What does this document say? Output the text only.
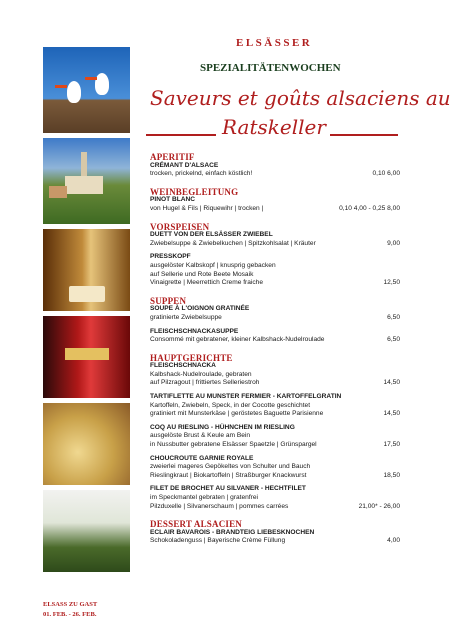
ELSÄSSER
SPEZIALITÄTENWOCHEN
Saveurs et goûts alsaciens au
Ratskeller
APERITIF
CRÉMANT D'ALSACE
trocken, prickelnd, einfach köstlich!	0,10 6,00
WEINBEGLEITUNG
PINOT BLANC
von Hugel & Fils | Riquewihr | trocken |	0,10 4,00 - 0,25 8,00
VORSPEISEN
DUETT VON DER ELSÄSSER ZWIEBEL
Zwiebelsuppe & Zwiebelkuchen | Spitzkohlsalat | Kräuter	9,00
PRESSKOPF
ausgelöster Kalbskopf | knusprig gebacken
auf Sellerie und Rote Beete Mosaik
Vinaigrette | Meerrettich Creme fraiche	12,50
SUPPEN
SOUPE À L'OIGNON GRATINÉE
gratinierte Zwiebelsuppe	6,50
FLEISCHSCHNACKASUPPE
Consommé mit gebratener, kleiner Kalbshack-Nudelroulade	6,50
HAUPTGERICHTE
FLEISCHSCHNACKA
Kalbshack-Nudelroulade, gebraten
auf Pilzragout | frittiertes Selleriestroh	14,50
TARTIFLETTE AU MUNSTER FERMIER - KARTOFFELGRATIN
Kartoffeln, Zwiebeln, Speck, in der Cocotte geschichtet
gratiniert mit Munsterkäse | geröstetes Baguette Parisienne	14,50
COQ AU RIESLING - HÜHNCHEN IM RIESLING
ausgelöste Brust & Keule am Bein
in Nussbutter gebratene Elsässer Spaetzle | Grünspargel	17,50
CHOUCROUTE GARNIE ROYALE
zweierlei mageres Gepökeltes von Schulter und Bauch
Rieslingkraut | Biokartoffeln | Straßburger Knackwurst	18,50
FILET DE BROCHET AU SILVANER - HECHTFILET
im Speckmantel gebraten | gratenfrei
Pilzduxelle | Silvanerschaum | pommes carrées	21,00* - 26,00
DESSERT ALSACIEN
ECLAIR BAVAROIS - BRANDTEIG LIEBESKNOCHEN
Schokoladenguss | Bayerische Crème Füllung	4,00
ELSASS ZU GAST
01. FEB. - 26. FEB.
